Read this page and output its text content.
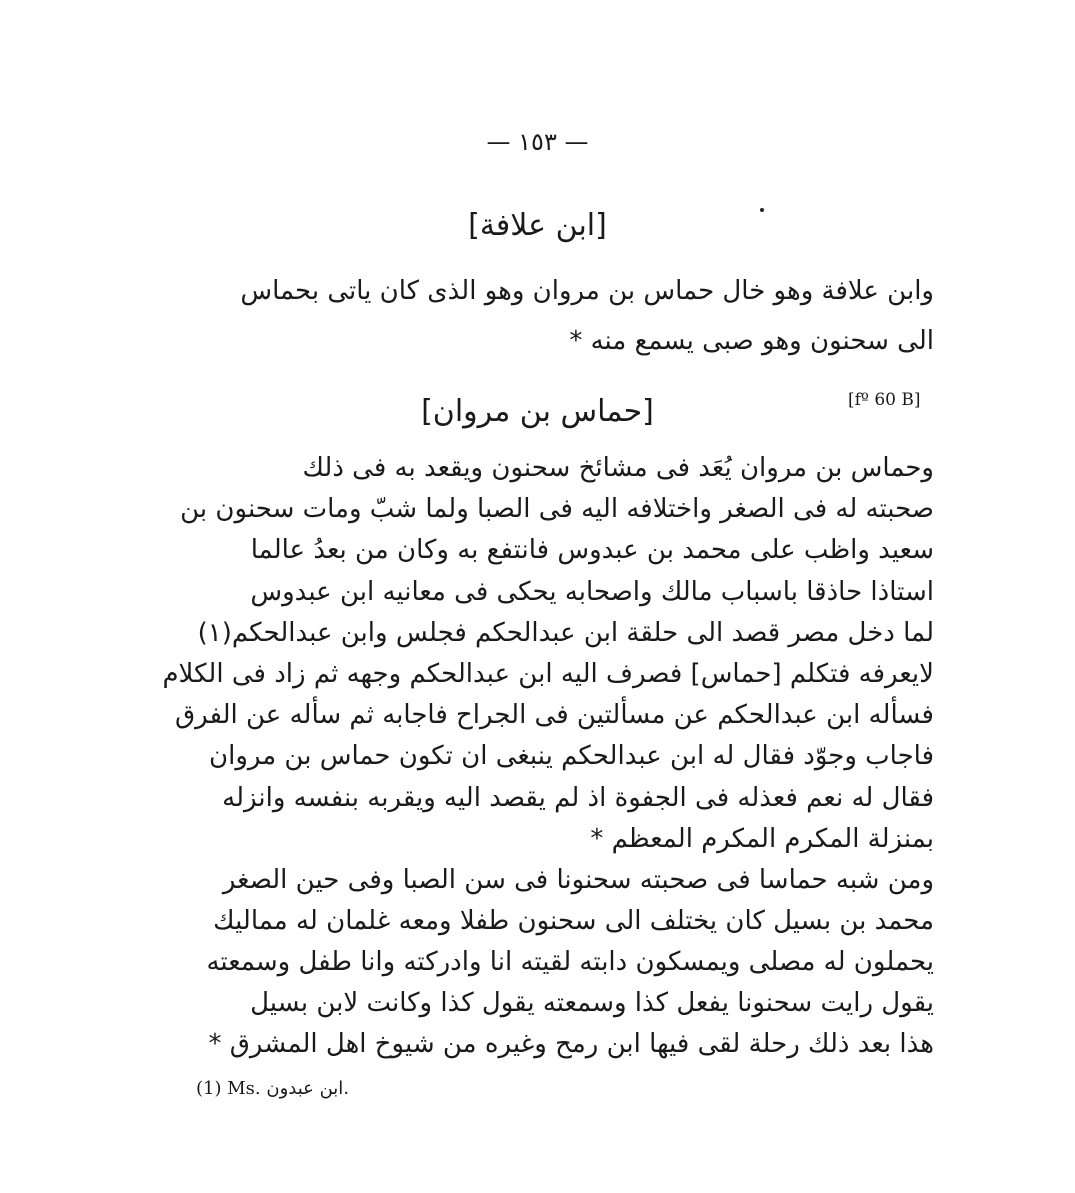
— ١٥٣ —
[ابن علافة]
وابن علافة وهو خال حماس بن مروان وهو الذى كان ياتى بحماس
الى سحنون وهو صبى يسمع منه *
[fº 60 B]
[حماس بن مروان]
وحماس بن مروان يُعَد فى مشائخ سحنون ويقعد به فى ذلك
صحبته له فى الصغر واختلافه اليه فى الصبا ولما شبّ ومات سحنون بن
سعيد واظب على محمد بن عبدوس فانتفع به وكان من بعدُ عالما
استاذا حاذقا باسباب مالك واصحابه يحكى فى معانيه ابن عبدوس
لما دخل مصر قصد الى حلقة ابن عبدالحكم فجلس وابن عبدالحكم(١)
لايعرفه فتكلم [حماس] فصرف اليه ابن عبدالحكم وجهه ثم زاد فى الكلام
فسأله ابن عبدالحكم عن مسألتين فى الجراح فاجابه ثم سأله عن الفرق
فاجاب وجوّد فقال له ابن عبدالحكم ينبغى ان تكون حماس بن مروان
فقال له نعم فعذله فى الجفوة اذ لم يقصد اليه ويقربه بنفسه وانزله
بمنزلة المكرم المكرم المعظم *
ومن شبه حماسا فى صحبته سحنونا فى سن الصبا وفى حين الصغر
محمد بن بسيل كان يختلف الى سحنون طفلا ومعه غلمان له مماليك
يحملون له مصلى ويمسكون دابته لقيته انا وادركته وانا طفل وسمعته
يقول رايت سحنونا يفعل كذا وسمعته يقول كذا وكانت لابن بسيل
هذا بعد ذلك رحلة لقى فيها ابن رمح وغيره من شيوخ اهل المشرق *
(1) Ms. ابن عبدون.
